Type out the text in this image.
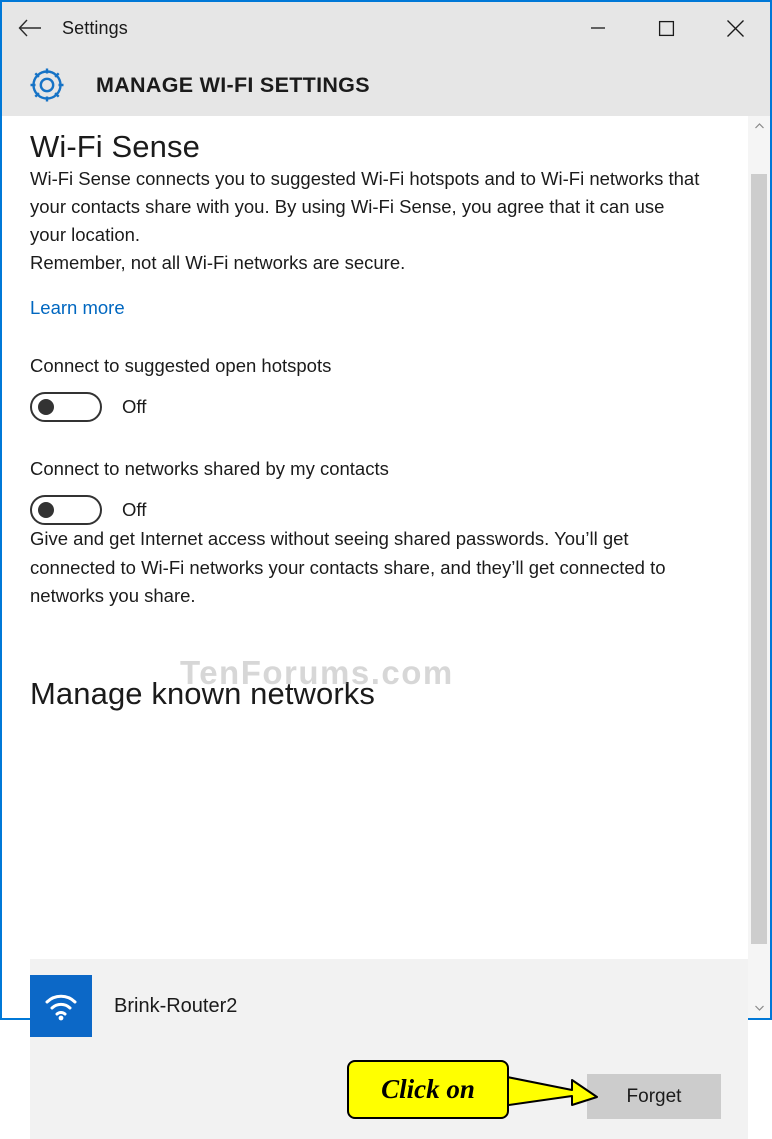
Settings
MANAGE WI-FI SETTINGS
Wi-Fi Sense

Wi-Fi Sense connects you to suggested Wi-Fi hotspots and to Wi-Fi networks that your contacts share with you. By using Wi-Fi Sense, you agree that it can use your location.

Remember, not all Wi-Fi networks are secure.

Learn more
Connect to suggested open hotspots
Off
Connect to networks shared by my contacts
Off

Give and get Internet access without seeing shared passwords. You’ll get connected to Wi-Fi networks your contacts share, and they’ll get connected to networks you share.

Manage known networks
Brink-Router2
Forget
TenForums.com
Click on
